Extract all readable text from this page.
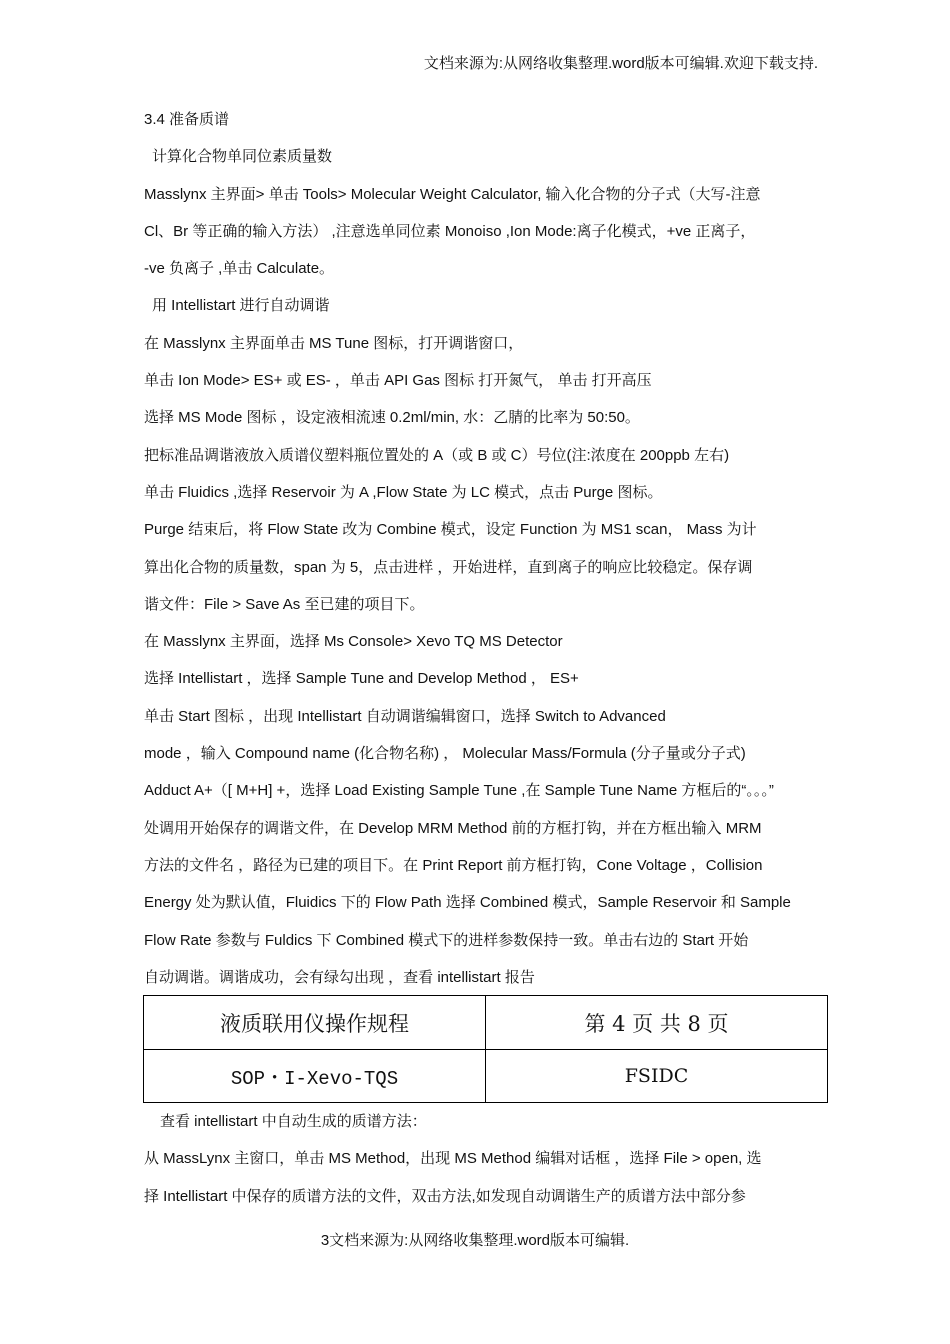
文档来源为:从网络收集整理.word版本可编辑.欢迎下载支持.
3.4 准备质谱
计算化合物单同位素质量数
Masslynx 主界面> 单击 Tools> Molecular Weight Calculator, 输入化合物的分子式（大写-注意
Cl、Br 等正确的输入方法） ,注意选单同位素 Monoiso ,Ion Mode:离子化模式，+ve 正离子，
-ve 负离子 ,单击 Calculate。
用 Intellistart 进行自动调谐
在 Masslynx 主界面单击 MS Tune 图标，打开调谐窗口，
单击 Ion Mode> ES+ 或 ES- ，单击 API Gas 图标 打开氮气， 单击 打开高压
选择 MS Mode 图标 ，设定液相流速 0.2ml/min, 水：乙腈的比率为 50:50。
把标准品调谐液放入质谱仪塑料瓶位置处的 A（或 B 或 C）号位(注:浓度在 200ppb 左右)
单击 Fluidics ,选择 Reservoir 为 A ,Flow State 为 LC 模式，点击 Purge 图标。
Purge 结束后，将 Flow State 改为 Combine 模式，设定 Function 为 MS1 scan， Mass 为计
算出化合物的质量数，span 为 5，点击进样 ，开始进样，直到离子的响应比较稳定。保存调
谐文件：File > Save As 至已建的项目下。
在 Masslynx 主界面，选择 Ms Console> Xevo TQ MS Detector
选择 Intellistart ，选择 Sample Tune and Develop Method ， ES+
单击 Start 图标 ，出现 Intellistart 自动调谐编辑窗口，选择 Switch to Advanced
mode ，输入 Compound name (化合物名称) ， Molecular Mass/Formula (分子量或分子式)
Adduct A+（[ M+H] +，选择 Load Existing Sample Tune ,在 Sample Tune Name 方框后的“。。。”
处调用开始保存的调谐文件，在 Develop MRM Method 前的方框打钩，并在方框出输入 MRM
方法的文件名 ，路径为已建的项目下。在 Print Report 前方框打钩，Cone Voltage ，Collision
Energy 处为默认值，Fluidics 下的 Flow Path 选择 Combined 模式，Sample Reservoir 和 Sample
Flow Rate 参数与 Fuldics 下 Combined 模式下的进样参数保持一致。单击右边的 Start 开始
自动调谐。调谐成功，会有绿勾出现 ，查看 intellistart 报告
液质联用仪操作规程	第 4 页 共 8 页
SOP・I-Xevo-TQS	FSIDC
查看 intellistart 中自动生成的质谱方法：
从 MassLynx 主窗口，单击 MS Method，出现 MS Method 编辑对话框 ，选择 File > open, 选
择 Intellistart 中保存的质谱方法的文件，双击方法,如发现自动调谐生产的质谱方法中部分参
3文档来源为:从网络收集整理.word版本可编辑.
